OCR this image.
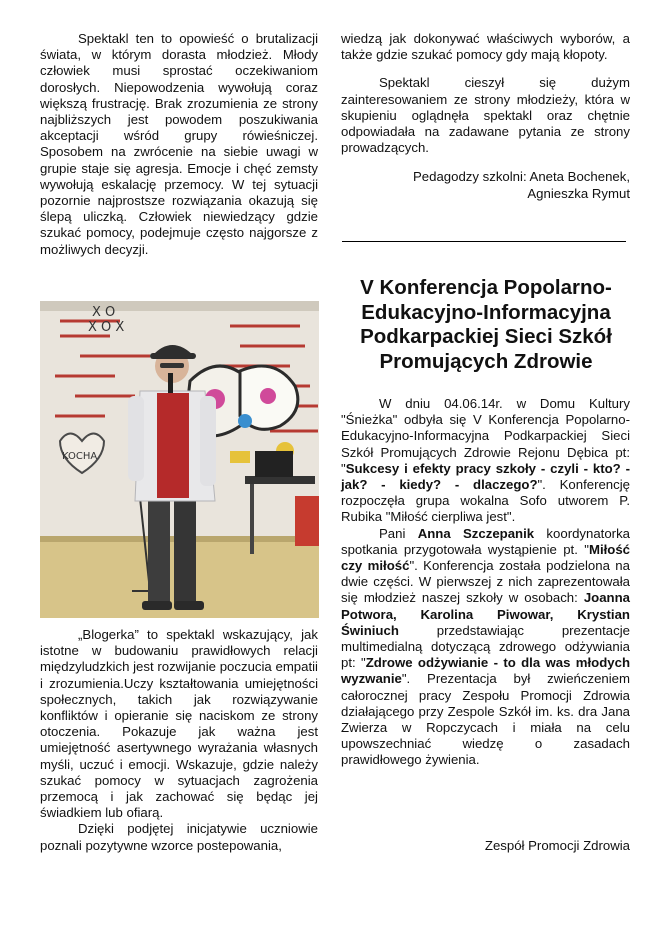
Spektakl ten to opowieść o brutalizacji świata, w którym dorasta młodzież. Młody człowiek musi sprostać oczekiwaniom dorosłych. Niepowodzenia wywołują coraz większą frustrację. Brak zrozumienia ze strony najbliższych jest powodem poszukiwania akceptacji wśród grupy rówieśniczej. Sposobem na zwrócenie na siebie uwagi w grupie staje się agresja. Emocje i chęć zemsty wywołują eskalację przemocy. W tej sytuacji pozornie najprostsze rozwiązania okazują się ślepą uliczką. Człowiek niewiedzący gdzie szukać pomocy, podejmuje często najgorsze z możliwych decyzji.

X O
X O X
KOCHA

„Blogerka” to spektakl wskazujący, jak istotne w budowaniu prawidłowych relacji międzyludzkich jest rozwijanie poczucia empatii i zrozumienia.Uczy kształtowania umiejętności społecznych, takich jak rozwiązywanie konfliktów i opieranie się naciskom ze strony otoczenia. Pokazuje jak ważna jest umiejętność asertywnego wyrażania własnych myśli, uczuć i emocji. Wskazuje, gdzie należy szukać pomocy w sytuacjach zagrożenia przemocą i jak zachować się będąc jej świadkiem lub ofiarą.

Dzięki podjętej inicjatywie uczniowie poznali pozytywne wzorce postepowania,

wiedzą jak dokonywać właściwych wyborów, a także gdzie szukać pomocy gdy mają kłopoty.

Spektakl cieszył się dużym zainteresowaniem ze strony młodzieży, która w skupieniu oglądnęła spektakl oraz chętnie odpowiadała na zadawane pytania ze strony prowadzących.

Pedagodzy szkolni: Aneta Bochenek,
Agnieszka Rymut
V Konferencja Popolarno-
Edukacyjno-Informacyjna
Podkarpackiej Sieci Szkół
Promujących Zdrowie

W dniu 04.06.14r. w Domu Kultury "Śnieżka" odbyła się V Konferencja Popolarno-Edukacyjno-Informacyjna Podkarpackiej Sieci Szkół Promujących Zdrowie Rejonu Dębica pt: "Sukcesy i efekty pracy szkoły - czyli - kto? - jak? - kiedy? - dlaczego?". Konferencję rozpoczęła grupa wokalna Sofo utworem P. Rubika "Miłość cierpliwa jest".

Pani Anna Szczepanik koordynatorka spotkania przygotowała wystąpienie pt. "Miłość czy miłość". Konferencja została podzielona na dwie części. W pierwszej z nich zaprezentowała się młodzież naszej szkoły w osobach: Joanna Potwora, Karolina Piwowar, Krystian Świniuch przedstawiając prezentacje multimedialną dotyczącą zdrowego odżywiania pt: "Zdrowe odżywianie - to dla was młodych wyzwanie". Prezentacja był zwieńczeniem całorocznej pracy Zespołu Promocji Zdrowia działającego przy Zespole Szkół im. ks. dra Jana Zwierza w Ropczycach i miała na celu upowszechniać wiedzę o zasadach prawidłowego żywienia.

Zespół Promocji Zdrowia
